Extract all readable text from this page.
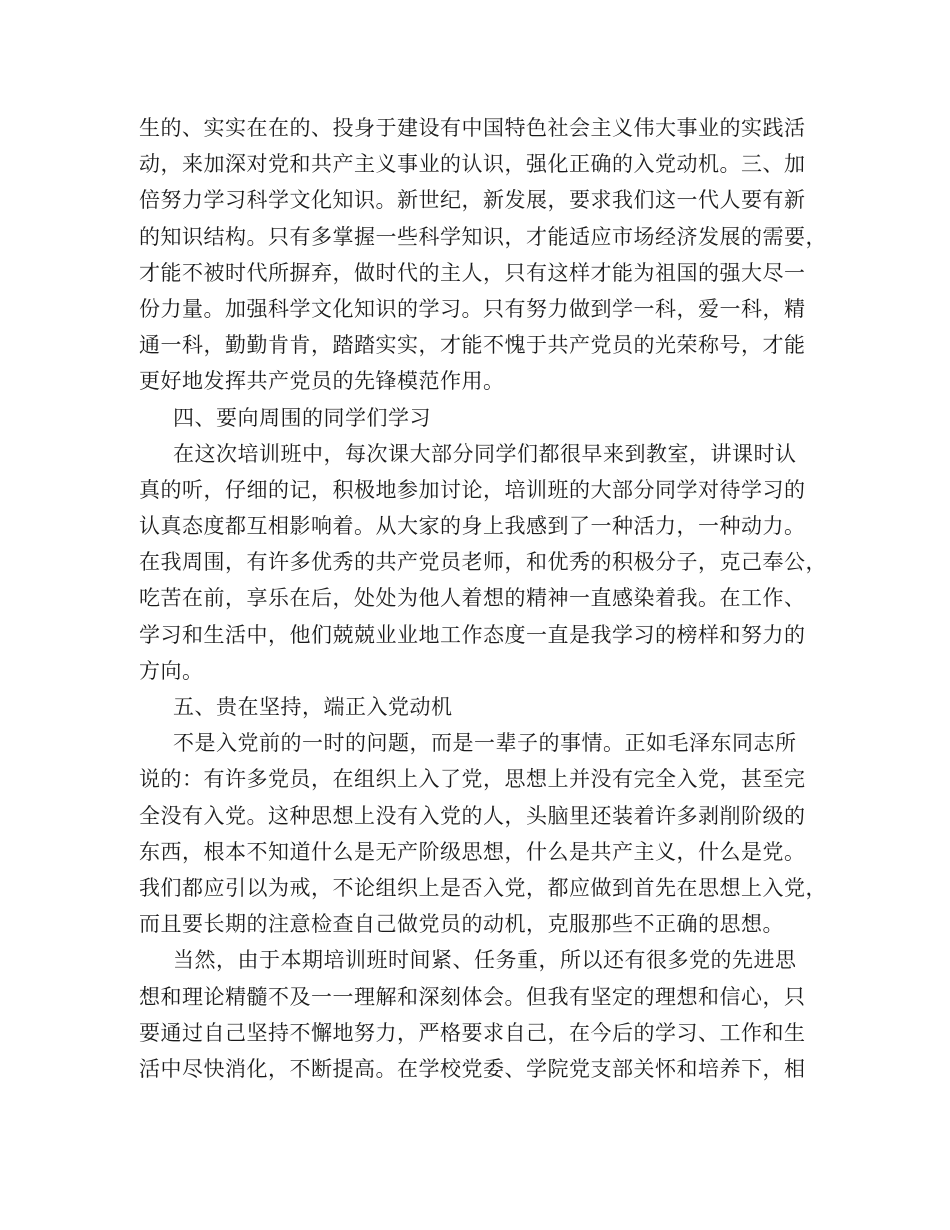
生的、实实在在的、投身于建设有中国特色社会主义伟大事业的实践活
动，来加深对党和共产主义事业的认识，强化正确的入党动机。三、加
倍努力学习科学文化知识。新世纪，新发展，要求我们这一代人要有新
的知识结构。只有多掌握一些科学知识，才能适应市场经济发展的需要，
才能不被时代所摒弃，做时代的主人，只有这样才能为祖国的强大尽一
份力量。加强科学文化知识的学习。只有努力做到学一科，爱一科，精
通一科，勤勤肯肯，踏踏实实，才能不愧于共产党员的光荣称号，才能
更好地发挥共产党员的先锋模范作用。
四、要向周围的同学们学习
在这次培训班中，每次课大部分同学们都很早来到教室，讲课时认
真的听，仔细的记，积极地参加讨论，培训班的大部分同学对待学习的
认真态度都互相影响着。从大家的身上我感到了一种活力，一种动力。
在我周围，有许多优秀的共产党员老师，和优秀的积极分子，克己奉公，
吃苦在前，享乐在后，处处为他人着想的精神一直感染着我。在工作、
学习和生活中，他们兢兢业业地工作态度一直是我学习的榜样和努力的
方向。
五、贵在坚持，端正入党动机
不是入党前的一时的问题，而是一辈子的事情。正如毛泽东同志所
说的：有许多党员，在组织上入了党，思想上并没有完全入党，甚至完
全没有入党。这种思想上没有入党的人，头脑里还装着许多剥削阶级的
东西，根本不知道什么是无产阶级思想，什么是共产主义，什么是党。
我们都应引以为戒，不论组织上是否入党，都应做到首先在思想上入党，
而且要长期的注意检查自己做党员的动机，克服那些不正确的思想。
当然，由于本期培训班时间紧、任务重，所以还有很多党的先进思
想和理论精髓不及一一理解和深刻体会。但我有坚定的理想和信心，只
要通过自己坚持不懈地努力，严格要求自己，在今后的学习、工作和生
活中尽快消化，不断提高。在学校党委、学院党支部关怀和培养下，相
